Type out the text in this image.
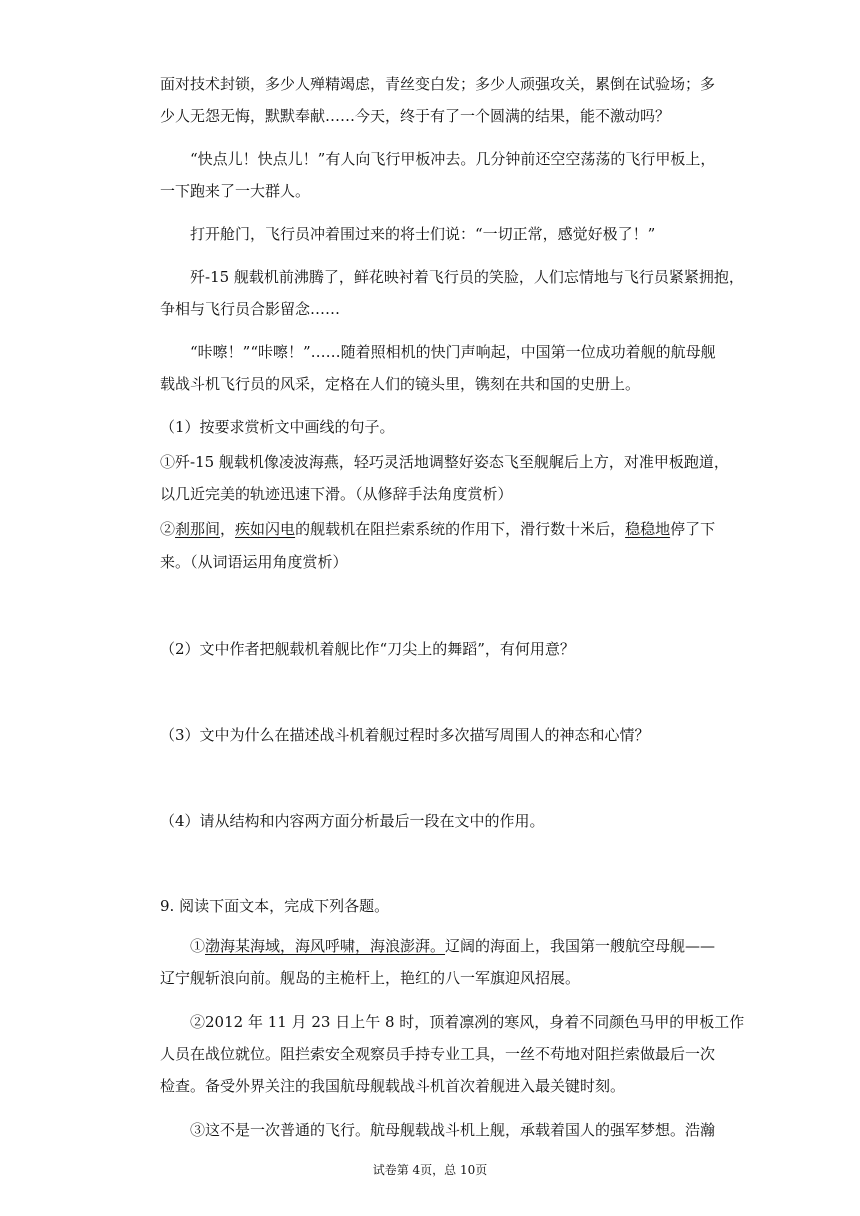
面对技术封锁，多少人殚精竭虑，青丝变白发；多少人顽强攻关，累倒在试验场；多
少人无怨无悔，默默奉献……今天，终于有了一个圆满的结果，能不激动吗？
“快点儿！快点儿！”有人向飞行甲板冲去。几分钟前还空空荡荡的飞行甲板上，
一下跑来了一大群人。
打开舱门，飞行员冲着围过来的将士们说：“一切正常，感觉好极了！”
歼-15 舰载机前沸腾了，鲜花映衬着飞行员的笑脸，人们忘情地与飞行员紧紧拥抱，
争相与飞行员合影留念……
“咔嚓！”“咔嚓！”……随着照相机的快门声响起，中国第一位成功着舰的航母舰
载战斗机飞行员的风采，定格在人们的镜头里，镌刻在共和国的史册上。
（1）按要求赏析文中画线的句子。
①歼-15 舰载机像凌波海燕，轻巧灵活地调整好姿态飞至舰艉后上方，对准甲板跑道，
以几近完美的轨迹迅速下滑。（从修辞手法角度赏析）
②刹那间，疾如闪电的舰载机在阻拦索系统的作用下，滑行数十米后，稳稳地停了下
来。（从词语运用角度赏析）
（2）文中作者把舰载机着舰比作“刀尖上的舞蹈”，有何用意？
（3）文中为什么在描述战斗机着舰过程时多次描写周围人的神态和心情？
（4）请从结构和内容两方面分析最后一段在文中的作用。
9. 阅读下面文本，完成下列各题。
①渤海某海域，海风呼啸，海浪澎湃。辽阔的海面上，我国第一艘航空母舰——
辽宁舰斩浪向前。舰岛的主桅杆上，艳红的八一军旗迎风招展。
②2012 年 11 月 23 日上午 8 时，顶着凛冽的寒风，身着不同颜色马甲的甲板工作
人员在战位就位。阻拦索安全观察员手持专业工具，一丝不苟地对阻拦索做最后一次
检查。备受外界关注的我国航母舰载战斗机首次着舰进入最关键时刻。
③这不是一次普通的飞行。航母舰载战斗机上舰，承载着国人的强军梦想。浩瀚
试卷第 4页，总 10页
